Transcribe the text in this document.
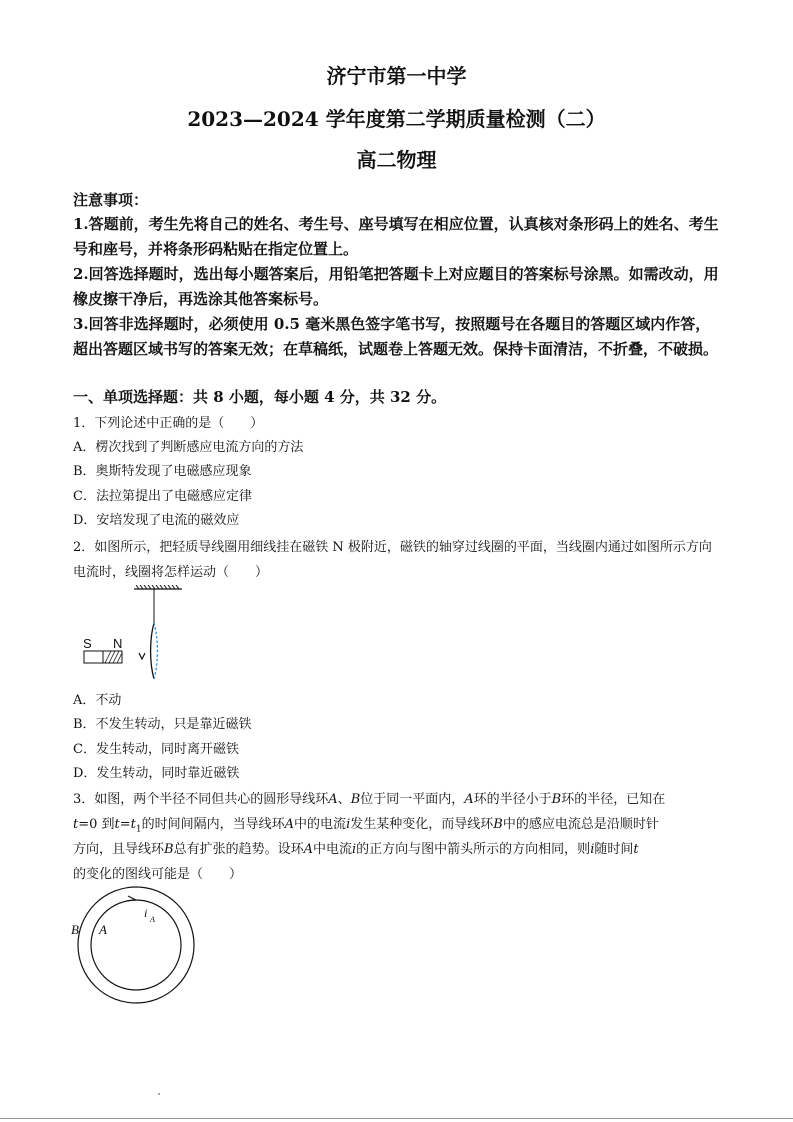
济宁市第一中学
2023—2024 学年度第二学期质量检测（二）
高二物理
注意事项：
1.答题前，考生先将自己的姓名、考生号、座号填写在相应位置，认真核对条形码上的姓名、考生号和座号，并将条形码粘贴在指定位置上。
2.回答选择题时，选出每小题答案后，用铅笔把答题卡上对应题目的答案标号涂黑。如需改动，用橡皮擦干净后，再选涂其他答案标号。
3.回答非选择题时，必须使用 0.5 毫米黑色签字笔书写，按照题号在各题目的答题区域内作答，超出答题区域书写的答案无效；在草稿纸，试题卷上答题无效。保持卡面清洁，不折叠，不破损。
一、单项选择题：共 8 小题，每小题 4 分，共 32 分。
1．下列论述中正确的是（　　）
A．楞次找到了判断感应电流方向的方法
B．奥斯特发现了电磁感应现象
C．法拉第提出了电磁感应定律
D．安培发现了电流的磁效应
2．如图所示，把轻质导线圈用细线挂在磁铁 N 极附近，磁铁的轴穿过线圈的平面，当线圈内通过如图所示方向电流时，线圈将怎样运动（　　）
S N
A．不动
B．不发生转动，只是靠近磁铁
C．发生转动，同时离开磁铁
D．发生转动，同时靠近磁铁
3．如图，两个半径不同但共心的圆形导线环A、B位于同一平面内，A环的半径小于B环的半径，已知在
t=0 到$t=t_1$的时间间隔内，当导线环A中的电流i发生某种变化，而导线环B中的感应电流总是沿顺时针
方向，且导线环B总有扩张的趋势。设环A中电流i的正方向与图中箭头所示的方向相同，则i随时间t
的变化的图线可能是（　　）
B A
i A
